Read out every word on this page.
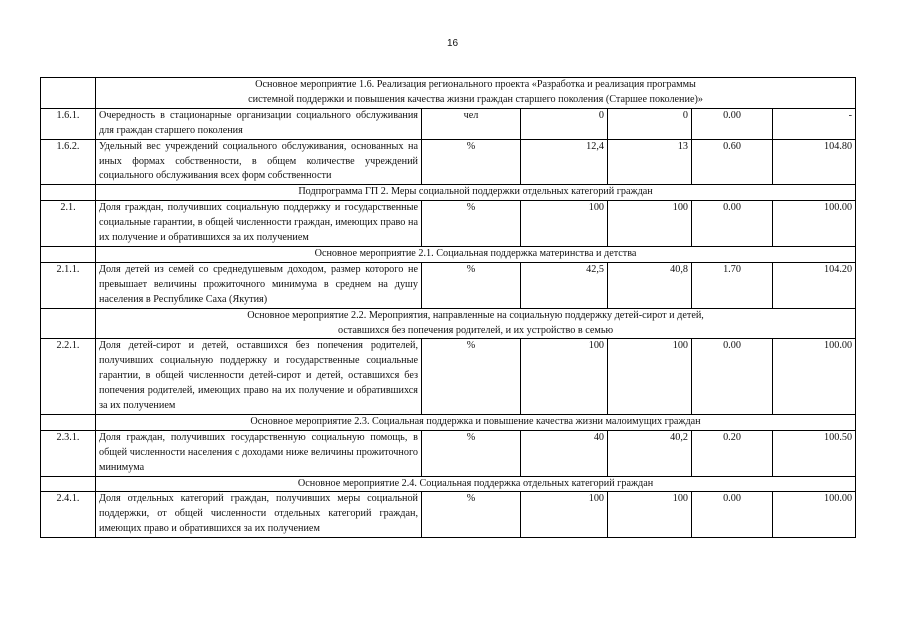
16

	Основное мероприятие 1.6. Реализация регионального проекта «Разработка и реализация программы
системной поддержки и повышения качества жизни граждан старшего поколения (Старшее поколение)»					

1.6.1.	Очередность в стационарные организации социального обслуживания для граждан старшего поколения	чел	0	0	0.00	-
1.6.2.	Удельный вес учреждений социального обслуживания, основанных на иных формах собственности, в общем количестве учреждений социального обслуживания всех форм собственности	%	12,4	13	0.60	104.80

	Подпрограмма ГП 2. Меры социальной поддержки отдельных категорий граждан					

2.1.	Доля граждан, получивших социальную поддержку и государственные социальные гарантии, в общей численности граждан, имеющих право на их получение и обратившихся за их получением	%	100	100	0.00	100.00

	Основное мероприятие 2.1. Социальная поддержка материнства и детства					

2.1.1.	Доля детей из семей со среднедушевым доходом, размер которого не превышает величины прожиточного минимума в среднем на душу населения в Республике Саха (Якутия)	%	42,5	40,8	1.70	104.20

	Основное мероприятие 2.2. Мероприятия, направленные на социальную поддержку детей-сирот и детей,
оставшихся без попечения родителей, и их устройство в семью					

2.2.1.	Доля детей-сирот и детей, оставшихся без попечения родителей, получивших социальную поддержку и государственные социальные гарантии, в общей численности детей-сирот и детей, оставшихся без попечения родителей, имеющих право на их получение и обратившихся за их получением	%	100	100	0.00	100.00

	Основное мероприятие 2.3. Социальная поддержка и повышение качества жизни малоимущих граждан					

2.3.1.	Доля граждан, получивших государственную социальную помощь, в общей численности населения с доходами ниже величины прожиточного минимума	%	40	40,2	0.20	100.50

	Основное мероприятие 2.4. Социальная поддержка отдельных категорий граждан					

2.4.1.	Доля отдельных категорий граждан, получивших меры социальной поддержки, от общей численности отдельных категорий граждан, имеющих право и обратившихся за их получением	%	100	100	0.00	100.00
